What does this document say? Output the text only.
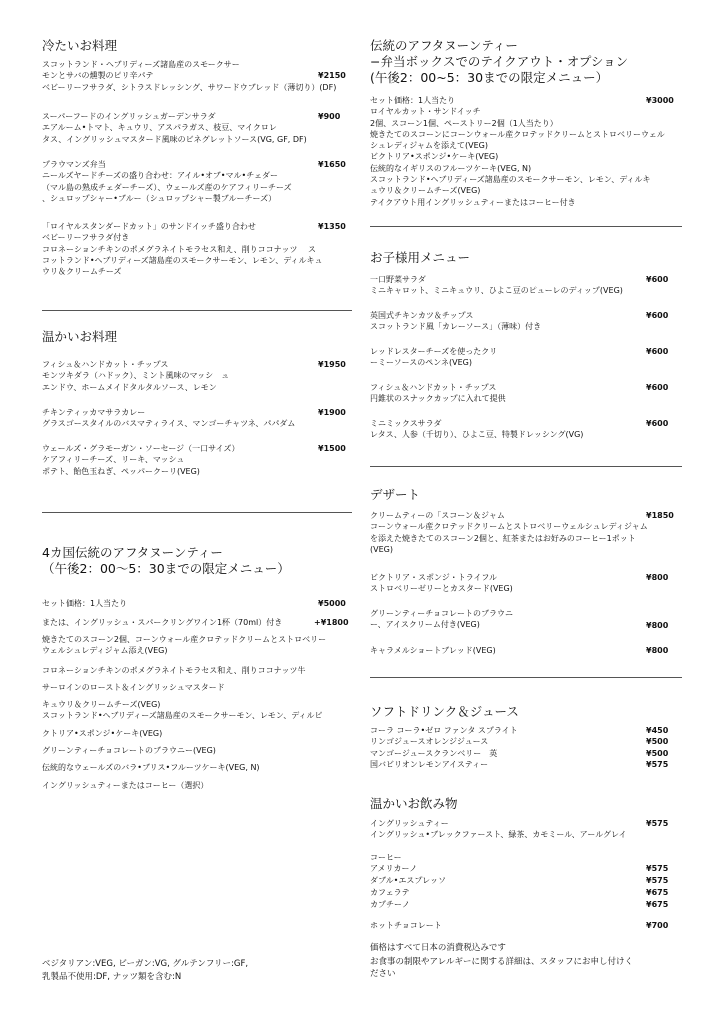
冷たいお料理
スコットランド・ヘブリディーズ諸島産のスモークサー
モンとサバの燻製のピリ辛パテ
ベビーリーフサラダ、シトラスドレッシング、サワードウブレッド（薄切り）(DF)
¥2150
スーパーフードのイングリッシュガーデンサラダ
エアルーム•トマト、キュウリ、アスパラガス、枝豆、マイクロレ
タス、イングリッシュマスタード風味のビネグレットソース(VG, GF, DF)
¥900
プラウマンズ弁当
ニールズヤードチーズの盛り合わせ：アイル•オブ•マル•チェダー
（マル島の熟成チェダーチーズ）、ウェールズ産のケアフィリーチーズ
、シュロップシャー•ブルー（シュロップシャー製ブルーチーズ）
¥1650
「ロイヤルスタンダードカット」のサンドイッチ盛り合わせ
ベビーリーフサラダ付き
コロネーションチキンのポメグラネイトモラセス和え、削りココナッツ　 ス
コットランド•ヘブリディーズ諸島産のスモークサーモン、レモン、ディルキュ
ウリ＆クリームチーズ
¥1350
温かいお料理
フィシュ＆ハンドカット・チップス
モンツキダラ（ハドック）、ミント風味のマッシ　ュ
エンドウ、ホームメイドタルタルソース、レモン
¥1950
チキンティッカマサラカレー
グラスゴースタイルのバスマティライス、マンゴーチャツネ、パパダム
¥1900
ウェールズ・グラモーガン・ソーセージ（一口サイズ）
ケアフィリーチーズ、リーキ、マッシュ
ポテト、飴色玉ねぎ、ペッパークーリ(VEG)
¥1500
4カ国伝統のアフタヌーンティー
（午後2：00～5：30までの限定メニュー）
セット価格：1人当たり	¥5000
または、イングリッシュ・スパークリングワイン1杯（70ml）付き	+¥1800
焼きたてのスコーン2個、コーンウォール産クロテッドクリームとストロベリー
ウェルシュレディジャム添え(VEG)
コロネーションチキンのポメグラネイトモラセス和え、削りココナッツ牛
サーロインのロースト＆イングリッシュマスタード
キュウリ＆クリームチーズ(VEG)
スコットランド•ヘブリディーズ諸島産のスモークサーモン、レモン、ディルビ
クトリア•スポンジ•ケーキ(VEG)
グリーンティーチョコレートのブラウニー(VEG)
伝統的なウェールズのバラ•ブリス•フルーツケーキ(VEG, N)
イングリッシュティーまたはコーヒー（選択）
ベジタリアン:VEG, ビーガン:VG, グルテンフリー:GF,
乳製品不使用:DF, ナッツ類を含む:N
伝統のアフタヌーンティー
−弁当ボックスでのテイクアウト・オプション
(午後2：00~5：30までの限定メニュー）
セット価格：1人当たり	¥3000
ロイヤルカット・サンドイッチ
2個、スコーン1個、ペーストリー2個（1人当たり）
焼きたてのスコーンにコーンウォール産クロテッドクリームとストロベリーウェル
シュレディジャムを添えて(VEG)
ビクトリア•スポンジ•ケーキ(VEG)
伝統的なイギリスのフルーツケーキ(VEG, N)
スコットランド•ヘブリディーズ諸島産のスモークサーモン、レモン、ディルキ
ュウリ＆クリームチーズ(VEG)
テイクアウト用イングリッシュティーまたはコーヒー付き
お子様用メニュー
一口野菜サラダ
ミニキャロット、ミニキュウリ、ひよこ豆のピューレのディップ(VEG)
¥600
英国式チキンカツ＆チップス
スコットランド風「カレーソース」（薄味）付き
¥600
レッドレスターチーズを使ったクリ
ーミーソースのペンネ(VEG)
¥600
フィシュ＆ハンドカット・チップス
円錐状のスナックカップに入れて提供
¥600
ミニミックスサラダ
レタス、人参（千切り）、ひよこ豆、特製ドレッシング(VG)
¥600
デザート
クリームティーの「スコーン＆ジャム
コーンウォール産クロテッドクリームとストロベリーウェルシュレディジャム
を添えた焼きたてのスコーン2個と、紅茶またはお好みのコーヒー1ポット
(VEG)
¥1850
ビクトリア・スポンジ・トライフル
ストロベリーゼリーとカスタード(VEG)
¥800
グリーンティーチョコレートのブラウニ
ー、アイスクリーム付き(VEG)	¥800
キャラメルショートブレッド(VEG)	¥800
ソフトドリンク＆ジュース
コーラ コーラ•ゼロ ファンタ スプライト	¥450
リンゴジュースオレンジジュース	¥500
マンゴージュースクランベリー　英	¥500
国バビリオンレモンアイスティー	¥575
温かいお飲み物
イングリッシュティー
イングリッシュ•ブレックファースト、緑茶、カモミール、アールグレイ
¥575
コーヒー
アメリカーノ	¥575
ダブル•エスプレッソ	¥575
カフェラテ	¥675
カプチーノ	¥675
ホットチョコレート	¥700
価格はすべて日本の消費税込みです
お食事の制限やアレルギーに関する詳細は、スタッフにお申し付けく
ださい
